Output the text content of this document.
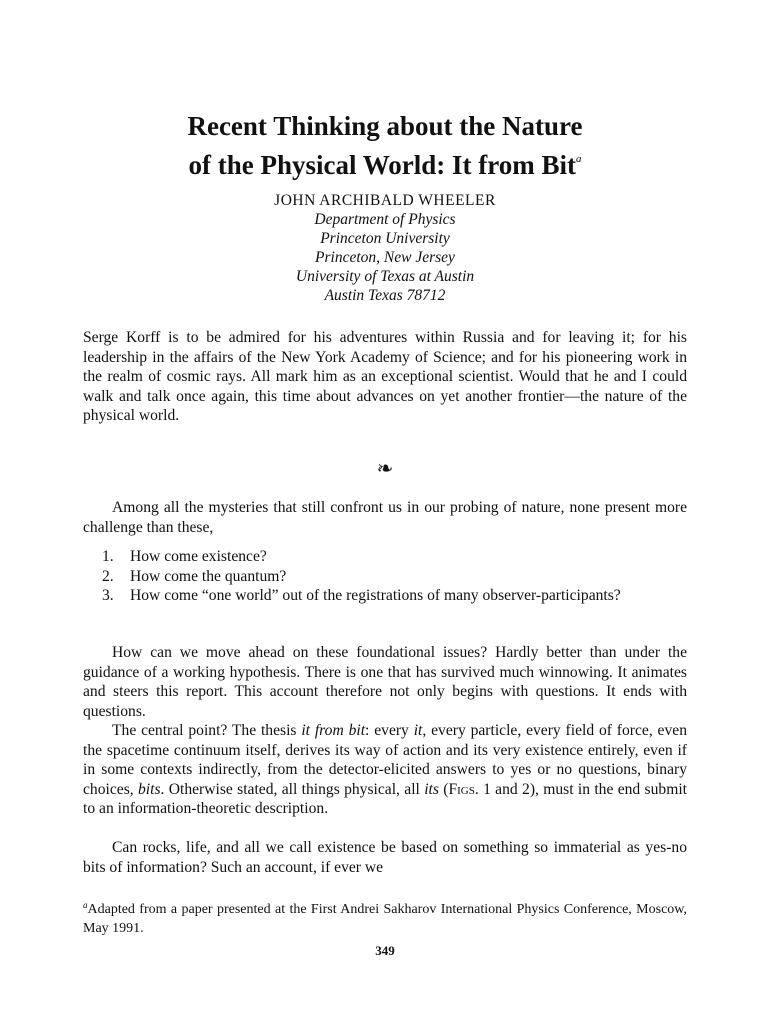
Recent Thinking about the Nature
of the Physical World: It from Bit$^a$
JOHN ARCHIBALD WHEELER
Department of Physics
Princeton University
Princeton, New Jersey
University of Texas at Austin
Austin Texas 78712

Serge Korff is to be admired for his adventures within Russia and for leaving it; for his leadership in the affairs of the New York Academy of Science; and for his pioneering work in the realm of cosmic rays. All mark him as an exceptional scientist. Would that he and I could walk and talk once again, this time about advances on yet another frontier—the nature of the physical world.

❧

Among all the mysteries that still confront us in our probing of nature, none present more challenge than these,

1.	How come existence?
2.	How come the quantum?
3.	How come “one world” out of the registrations of many observer-participants?

How can we move ahead on these foundational issues? Hardly better than under the guidance of a working hypothesis. There is one that has survived much winnowing. It animates and steers this report. This account therefore not only begins with questions. It ends with questions.

The central point? The thesis it from bit: every it, every particle, every field of force, even the spacetime continuum itself, derives its way of action and its very existence entirely, even if in some contexts indirectly, from the detector-elicited answers to yes or no questions, binary choices, bits. Otherwise stated, all things physical, all its (Figs. 1 and 2), must in the end submit to an information-theoretic description.

Can rocks, life, and all we call existence be based on something so immaterial as yes-no bits of information? Such an account, if ever we

$^a$Adapted from a paper presented at the First Andrei Sakharov International Physics Conference, Moscow, May 1991.

349
